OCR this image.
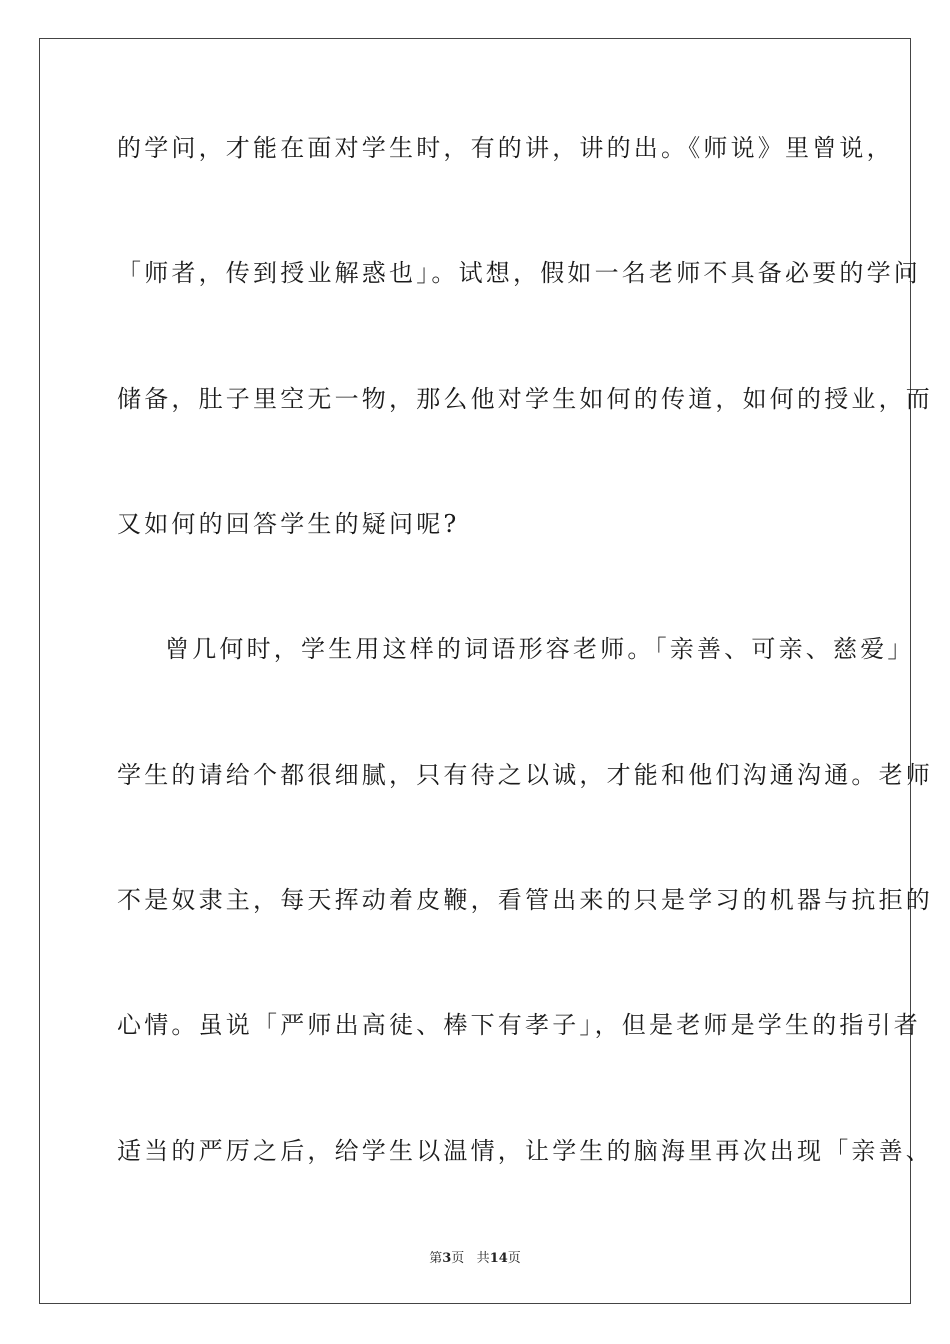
的学问，才能在面对学生时，有的讲，讲的出。《师说》里曾说，
「师者，传到授业解惑也」。试想，假如一名老师不具备必要的学问
储备，肚子里空无一物，那么他对学生如何的传道，如何的授业，而
又如何的回答学生的疑问呢?
曾几何时，学生用这样的词语形容老师。「亲善、可亲、慈爱」
学生的请给个都很细腻，只有待之以诚，才能和他们沟通沟通。老师
不是奴隶主，每天挥动着皮鞭，看管出来的只是学习的机器与抗拒的
心情。虽说「严师出高徒、棒下有孝子」，但是老师是学生的指引者
适当的严厉之后，给学生以温情，让学生的脑海里再次出现「亲善、
第3页 共14页
